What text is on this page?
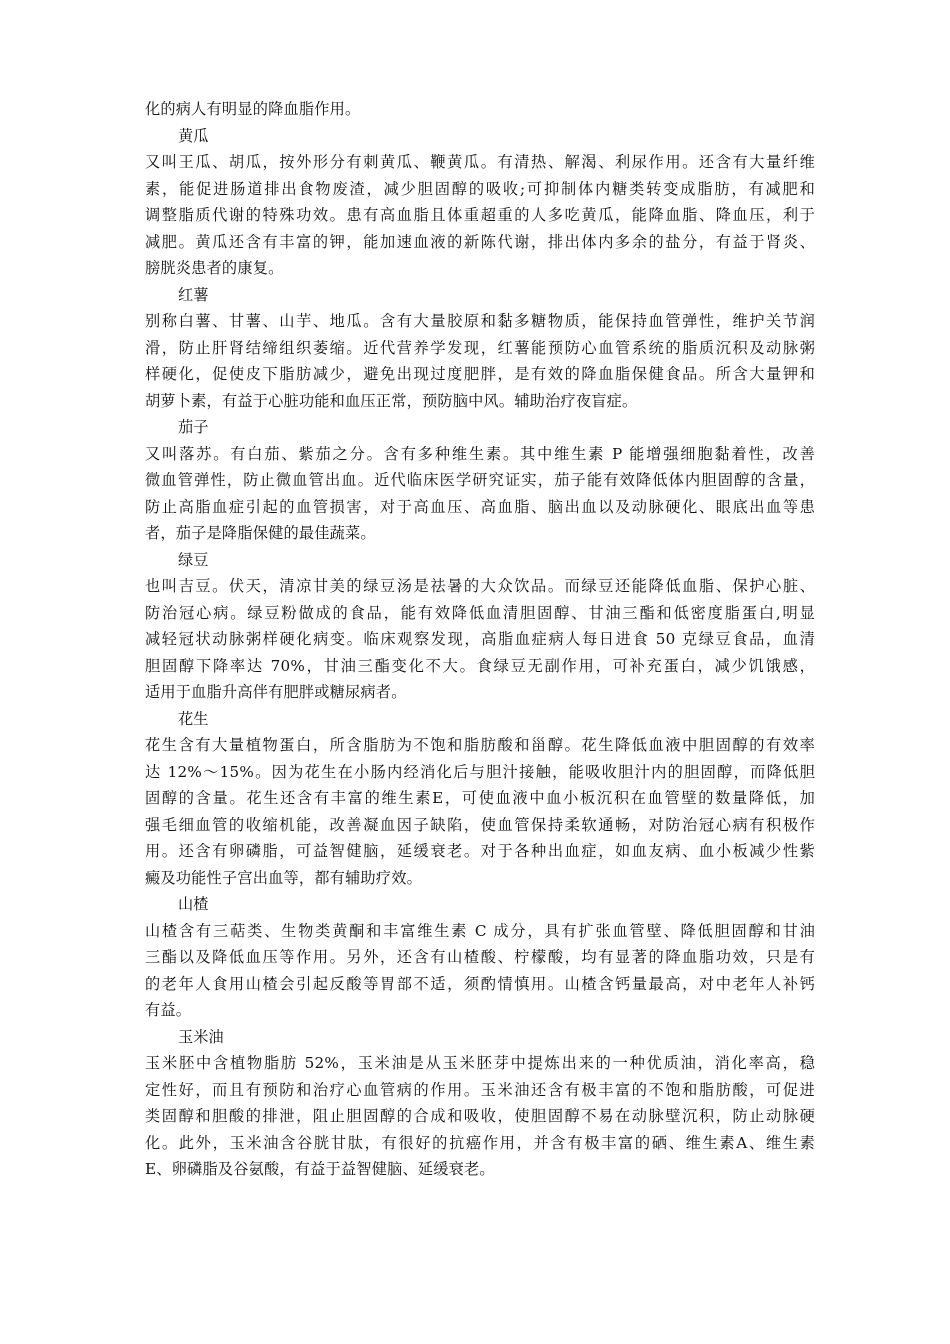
化的病人有明显的降血脂作用。
黄瓜
又叫王瓜、胡瓜，按外形分有刺黄瓜、鞭黄瓜。有清热、解渴、利尿作用。还含有大量纤维
素，能促进肠道排出食物废渣，减少胆固醇的吸收;可抑制体内糖类转变成脂肪，有减肥和
调整脂质代谢的特殊功效。患有高血脂且体重超重的人多吃黄瓜，能降血脂、降血压，利于
减肥。黄瓜还含有丰富的钾，能加速血液的新陈代谢，排出体内多余的盐分，有益于肾炎、
膀胱炎患者的康复。
红薯
别称白薯、甘薯、山芋、地瓜。含有大量胶原和黏多糖物质，能保持血管弹性，维护关节润
滑，防止肝肾结缔组织萎缩。近代营养学发现，红薯能预防心血管系统的脂质沉积及动脉粥
样硬化，促使皮下脂肪减少，避免出现过度肥胖，是有效的降血脂保健食品。所含大量钾和
胡萝卜素，有益于心脏功能和血压正常，预防脑中风。辅助治疗夜盲症。
茄子
又叫落苏。有白茄、紫茄之分。含有多种维生素。其中维生素 P 能增强细胞黏着性，改善
微血管弹性，防止微血管出血。近代临床医学研究证实，茄子能有效降低体内胆固醇的含量，
防止高脂血症引起的血管损害，对于高血压、高血脂、脑出血以及动脉硬化、眼底出血等患
者，茄子是降脂保健的最佳蔬菜。
绿豆
也叫吉豆。伏天，清凉甘美的绿豆汤是祛暑的大众饮品。而绿豆还能降低血脂、保护心脏、
防治冠心病。绿豆粉做成的食品，能有效降低血清胆固醇、甘油三酯和低密度脂蛋白,明显
减轻冠状动脉粥样硬化病变。临床观察发现，高脂血症病人每日进食 50 克绿豆食品，血清
胆固醇下降率达 70%，甘油三酯变化不大。食绿豆无副作用，可补充蛋白，减少饥饿感，
适用于血脂升高伴有肥胖或糖尿病者。
花生
花生含有大量植物蛋白，所含脂肪为不饱和脂肪酸和甾醇。花生降低血液中胆固醇的有效率
达 12%～15%。因为花生在小肠内经消化后与胆汁接触，能吸收胆汁内的胆固醇，而降低胆
固醇的含量。花生还含有丰富的维生素E，可使血液中血小板沉积在血管壁的数量降低，加
强毛细血管的收缩机能，改善凝血因子缺陷，使血管保持柔软通畅，对防治冠心病有积极作
用。还含有卵磷脂，可益智健脑，延缓衰老。对于各种出血症，如血友病、血小板减少性紫
癜及功能性子宫出血等，都有辅助疗效。
山楂
山楂含有三萜类、生物类黄酮和丰富维生素 C 成分，具有扩张血管壁、降低胆固醇和甘油
三酯以及降低血压等作用。另外，还含有山楂酸、柠檬酸，均有显著的降血脂功效，只是有
的老年人食用山楂会引起反酸等胃部不适，须酌情慎用。山楂含钙量最高，对中老年人补钙
有益。
玉米油
玉米胚中含植物脂肪 52%，玉米油是从玉米胚芽中提炼出来的一种优质油，消化率高，稳
定性好，而且有预防和治疗心血管病的作用。玉米油还含有极丰富的不饱和脂肪酸，可促进
类固醇和胆酸的排泄，阻止胆固醇的合成和吸收，使胆固醇不易在动脉壁沉积，防止动脉硬
化。此外，玉米油含谷胱甘肽，有很好的抗癌作用，并含有极丰富的硒、维生素A、维生素
E、卵磷脂及谷氨酸，有益于益智健脑、延缓衰老。
